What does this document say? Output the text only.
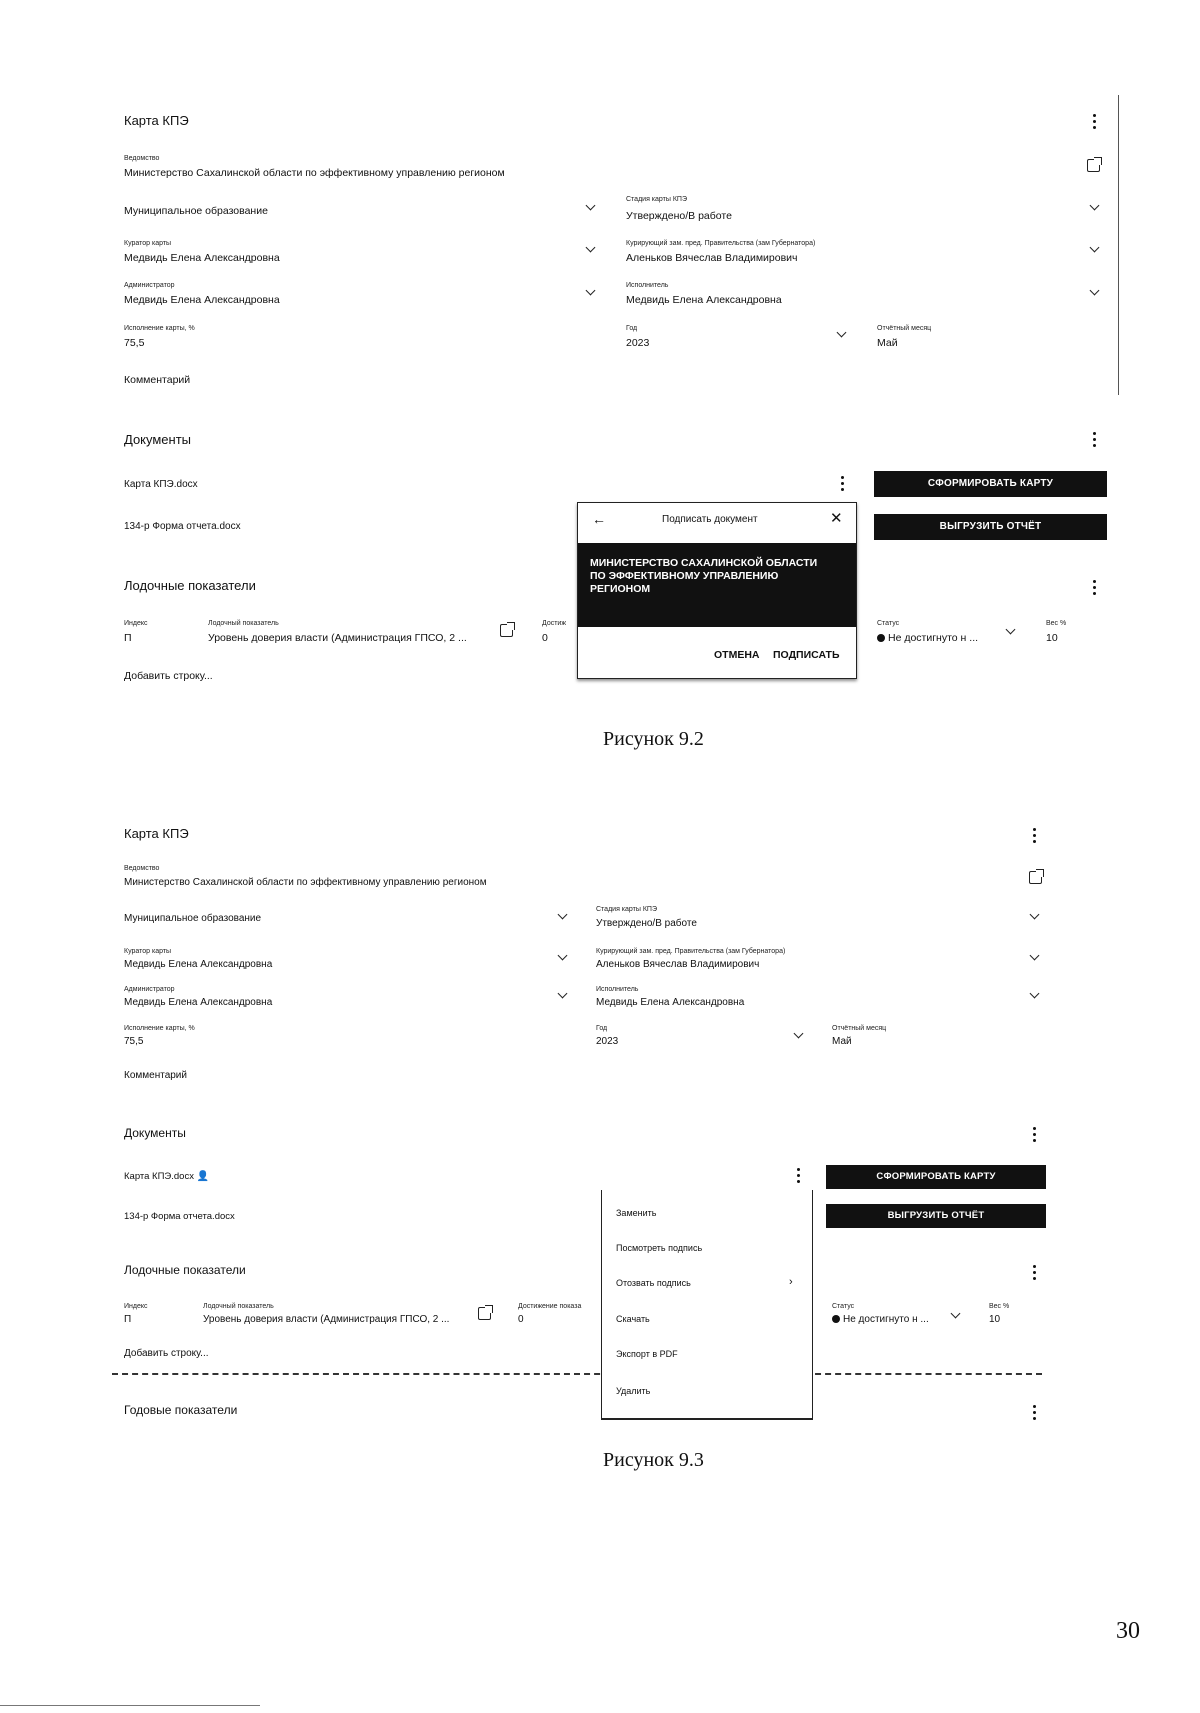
Карта КПЭ
Ведомство
Министерство Сахалинской области по эффективному управлению регионом
Муниципальное образование
Стадия карты КПЭ
Утверждено/В работе
Куратор карты
Медвидь Елена Александровна
Курирующий зам. пред. Правительства (зам Губернатора)
Аленьков Вячеслав Владимирович
Администратор
Медвидь Елена Александровна
Исполнитель
Медвидь Елена Александровна
Исполнение карты, %
75,5
Год
2023
Отчётный месяц
Май
Комментарий
Документы
Карта КПЭ.docx	СФОРМИРОВАТЬ КАРТУ
134-р Форма отчета.docx	ВЫГРУЗИТЬ ОТЧЁТ
Лодочные показатели
Индекс	Лодочный показатель	Достиж	Статус	Вес %
П	Уровень доверия власти (Администрация ГПСО, 2 ...	0	Не достигнуто н ...	10
Добавить строку...
←	Подписать документ	✕
МИНИСТЕРСТВО САХАЛИНСКОЙ ОБЛАСТИ ПО ЭФФЕКТИВНОМУ УПРАВЛЕНИЮ РЕГИОНОМ
ОТМЕНА ПОДПИСАТЬ
Рисунок 9.2
Карта КПЭ
Ведомство
Министерство Сахалинской области по эффективному управлению регионом
Муниципальное образование
Стадия карты КПЭ
Утверждено/В работе
Куратор карты
Медвидь Елена Александровна
Курирующий зам. пред. Правительства (зам Губернатора)
Аленьков Вячеслав Владимирович
Администратор
Медвидь Елена Александровна
Исполнитель
Медвидь Елена Александровна
Исполнение карты, %
75,5
Год
2023
Отчётный месяц
Май
Комментарий
Документы
Карта КПЭ.docx 👤	СФОРМИРОВАТЬ КАРТУ
134-р Форма отчета.docx	ВЫГРУЗИТЬ ОТЧЁТ
Лодочные показатели
Индекс	Лодочный показатель	Достижение показа	Статус	Вес %
П	Уровень доверия власти (Администрация ГПСО, 2 ...	0	Не достигнуто н ...	10
Добавить строку...
Годовые показатели
Заменить
Посмотреть подпись
Отозвать подпись	›
Скачать
Экспорт в PDF
Удалить
Рисунок 9.3
30
